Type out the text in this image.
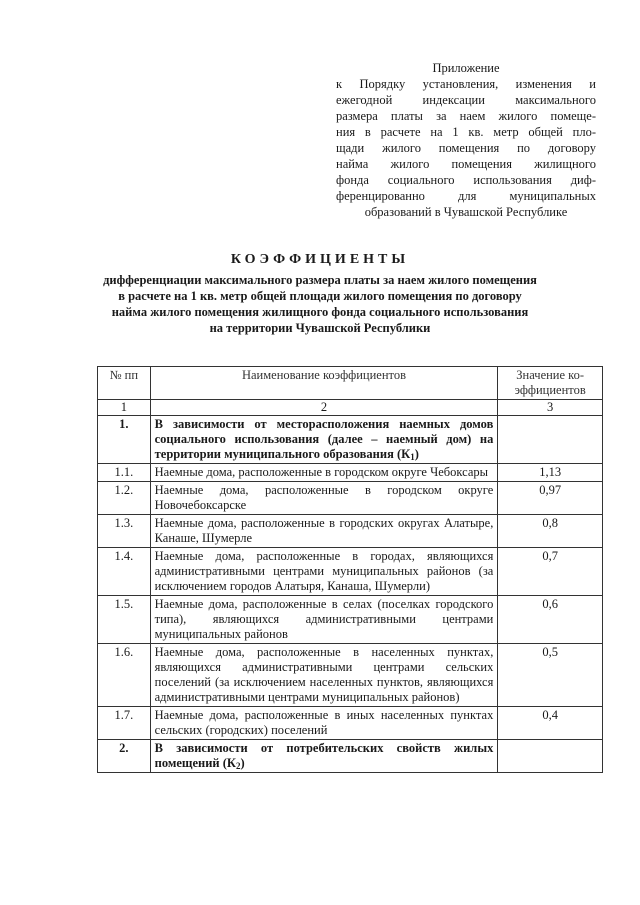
Приложение
к Порядку установления, изменения и
ежегодной индексации максимального
размера платы за наем жилого помеще-
ния в расчете на 1 кв. метр общей пло-
щади жилого помещения по договору
найма жилого помещения жилищного
фонда социального использования диф-
ференцированно для муниципальных
образований в Чувашской Республике
КОЭФФИЦИЕНТЫ
дифференциации максимального размера платы за наем жилого помещения
в расчете на 1 кв. метр общей площади жилого помещения по договору
найма жилого помещения жилищного фонда социального использования
на территории Чувашской Республики
№ пп	Наименование коэффициентов	Значение ко-эффициентов
1	2	3
1.	В зависимости от месторасположения наемных домов социального использования (далее – наемный дом) на территории муниципального образования $(К_1)$	
1.1.	Наемные дома, расположенные в городском округе Чебоксары	1,13
1.2.	Наемные дома, расположенные в городском округе Новочебоксарске	0,97
1.3.	Наемные дома, расположенные в городских округах Алатыре, Канаше, Шумерле	0,8
1.4.	Наемные дома, расположенные в городах, являющихся административными центрами муниципальных районов (за исключением городов Алатыря, Канаша, Шумерли)	0,7
1.5.	Наемные дома, расположенные в селах (поселках городского типа), являющихся административными центрами муниципальных районов	0,6
1.6.	Наемные дома, расположенные в населенных пунктах, являющихся административными центрами сельских поселений (за исключением населенных пунктов, являющихся административными центрами муниципальных районов)	0,5
1.7.	Наемные дома, расположенные в иных населенных пунктах сельских (городских) поселений	0,4
2.	В зависимости от потребительских свойств жилых помещений $(К_2)$	
